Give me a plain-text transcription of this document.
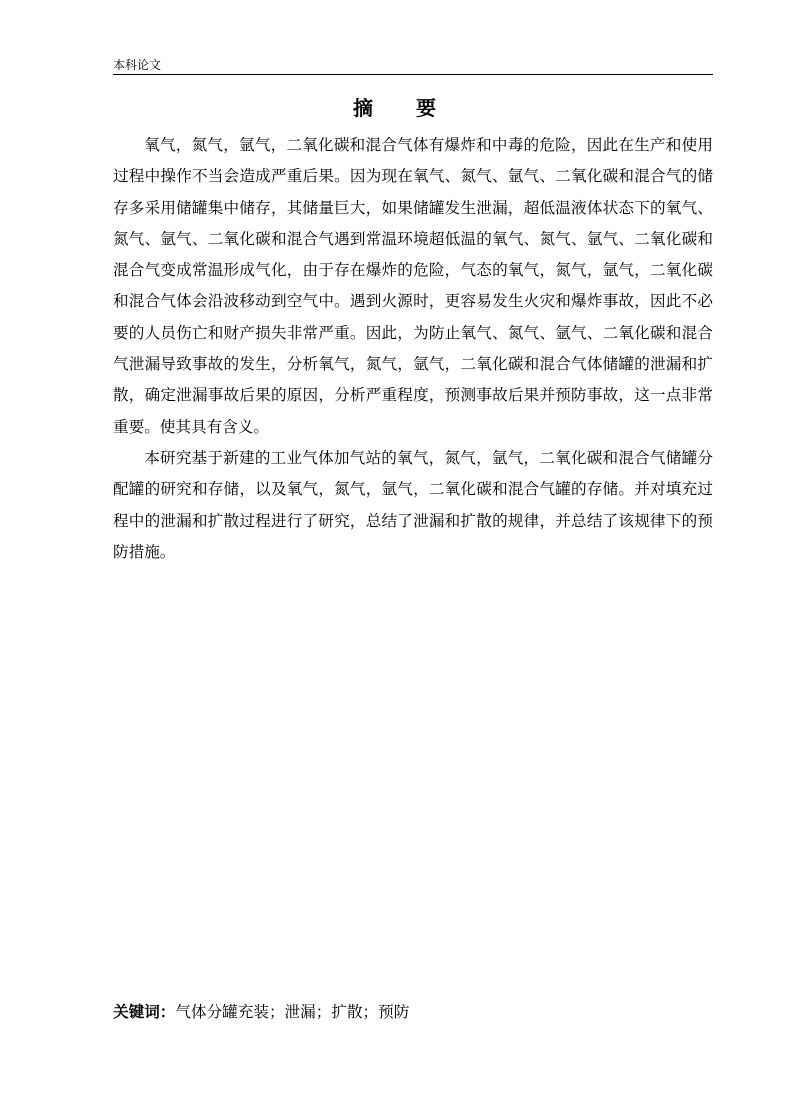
本科论文
摘 要

氧气，氮气，氩气，二氧化碳和混合气体有爆炸和中毒的危险，因此在生产和使用过程中操作不当会造成严重后果。因为现在氧气、氮气、氩气、二氧化碳和混合气的储存多采用储罐集中储存，其储量巨大，如果储罐发生泄漏，超低温液体状态下的氧气、氮气、氩气、二氧化碳和混合气遇到常温环境超低温的氧气、氮气、氩气、二氧化碳和混合气变成常温形成气化，由于存在爆炸的危险，气态的氧气，氮气，氩气，二氧化碳和混合气体会沿波移动到空气中。遇到火源时，更容易发生火灾和爆炸事故，因此不必要的人员伤亡和财产损失非常严重。因此，为防止氧气、氮气、氩气、二氧化碳和混合气泄漏导致事故的发生，分析氧气，氮气，氩气，二氧化碳和混合气体储罐的泄漏和扩散，确定泄漏事故后果的原因，分析严重程度，预测事故后果并预防事故，这一点非常重要。使其具有含义。

本研究基于新建的工业气体加气站的氧气，氮气，氩气，二氧化碳和混合气储罐分配罐的研究和存储，以及氧气，氮气，氩气，二氧化碳和混合气罐的存储。并对填充过程中的泄漏和扩散过程进行了研究，总结了泄漏和扩散的规律，并总结了该规律下的预防措施。

关键词：气体分罐充装；泄漏；扩散；预防
